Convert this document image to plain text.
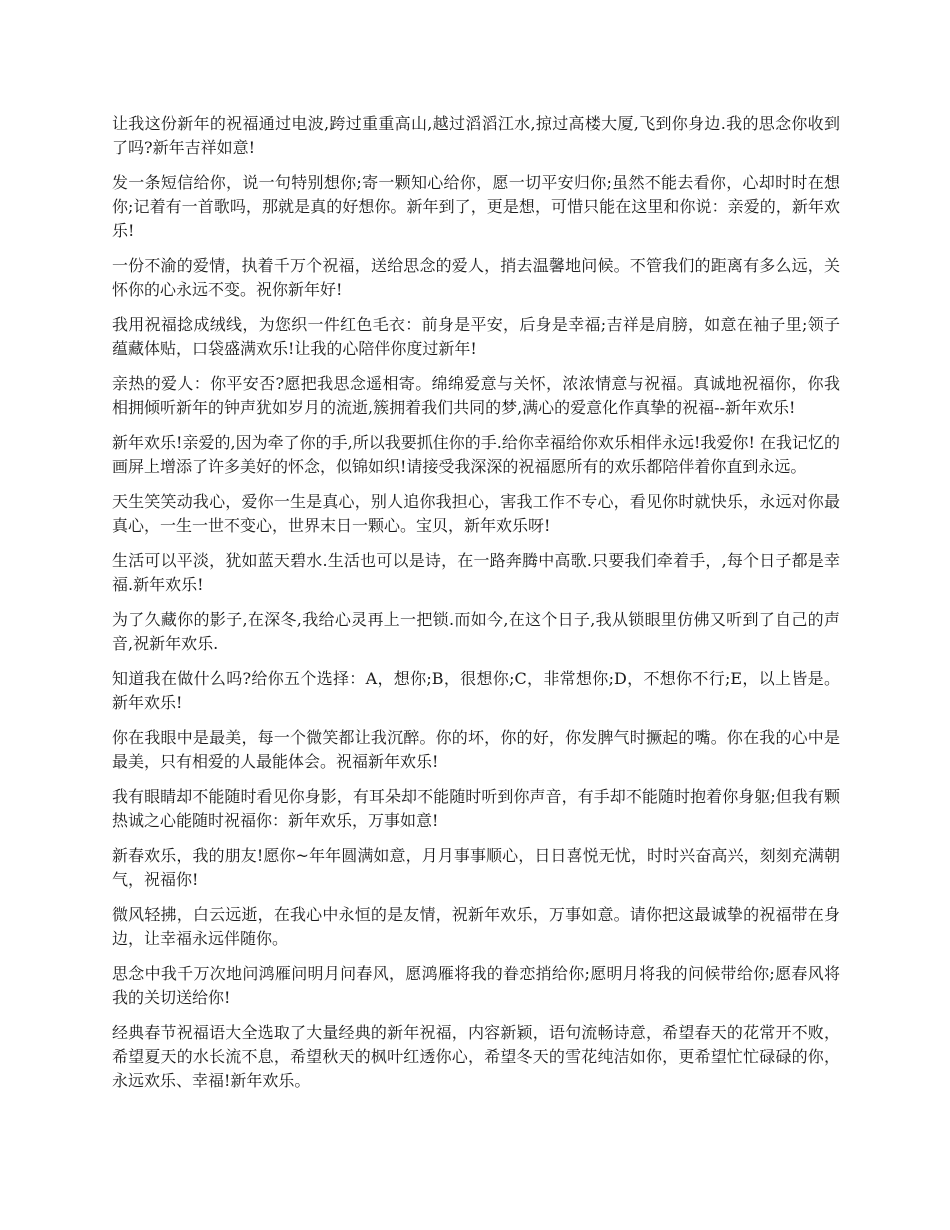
让我这份新年的祝福通过电波,跨过重重高山,越过滔滔江水,掠过高楼大厦,飞到你身边.我的思念你收到了吗?新年吉祥如意!

发一条短信给你，说一句特别想你;寄一颗知心给你，愿一切平安归你;虽然不能去看你，心却时时在想你;记着有一首歌吗，那就是真的好想你。新年到了，更是想，可惜只能在这里和你说：亲爱的，新年欢乐!

一份不渝的爱情，执着千万个祝福，送给思念的爱人，捎去温馨地问候。不管我们的距离有多么远，关怀你的心永远不变。祝你新年好!

我用祝福捻成绒线，为您织一件红色毛衣：前身是平安，后身是幸福;吉祥是肩膀，如意在袖子里;领子蕴藏体贴，口袋盛满欢乐!让我的心陪伴你度过新年!

亲热的爱人：你平安否?愿把我思念遥相寄。绵绵爱意与关怀，浓浓情意与祝福。真诚地祝福你，你我相拥倾听新年的钟声犹如岁月的流逝,簇拥着我们共同的梦,满心的爱意化作真挚的祝福--新年欢乐!

新年欢乐!亲爱的,因为牵了你的手,所以我要抓住你的手.给你幸福给你欢乐相伴永远!我爱你! 在我记忆的画屏上增添了许多美好的怀念，似锦如织!请接受我深深的祝福愿所有的欢乐都陪伴着你直到永远。

天生笑笑动我心，爱你一生是真心，别人追你我担心，害我工作不专心，看见你时就快乐，永远对你最真心，一生一世不变心，世界末日一颗心。宝贝，新年欢乐呀!

生活可以平淡，犹如蓝天碧水.生活也可以是诗，在一路奔腾中高歌.只要我们牵着手，,每个日子都是幸福.新年欢乐!

为了久藏你的影子,在深冬,我给心灵再上一把锁.而如今,在这个日子,我从锁眼里仿佛又听到了自己的声音,祝新年欢乐.

知道我在做什么吗?给你五个选择：A，想你;B，很想你;C，非常想你;D，不想你不行;E，以上皆是。新年欢乐!

你在我眼中是最美，每一个微笑都让我沉醉。你的坏，你的好，你发脾气时撅起的嘴。你在我的心中是最美，只有相爱的人最能体会。祝福新年欢乐!

我有眼睛却不能随时看见你身影，有耳朵却不能随时听到你声音，有手却不能随时抱着你身躯;但我有颗热诚之心能随时祝福你：新年欢乐，万事如意!

新春欢乐，我的朋友!愿你~年年圆满如意，月月事事顺心，日日喜悦无忧，时时兴奋高兴，刻刻充满朝气，祝福你!

微风轻拂，白云远逝，在我心中永恒的是友情，祝新年欢乐，万事如意。请你把这最诚挚的祝福带在身边，让幸福永远伴随你。

思念中我千万次地问鸿雁问明月问春风，愿鸿雁将我的眷恋捎给你;愿明月将我的问候带给你;愿春风将我的关切送给你!

经典春节祝福语大全选取了大量经典的新年祝福，内容新颖，语句流畅诗意，希望春天的花常开不败，希望夏天的水长流不息，希望秋天的枫叶红透你心，希望冬天的雪花纯洁如你，更希望忙忙碌碌的你，永远欢乐、幸福!新年欢乐。
